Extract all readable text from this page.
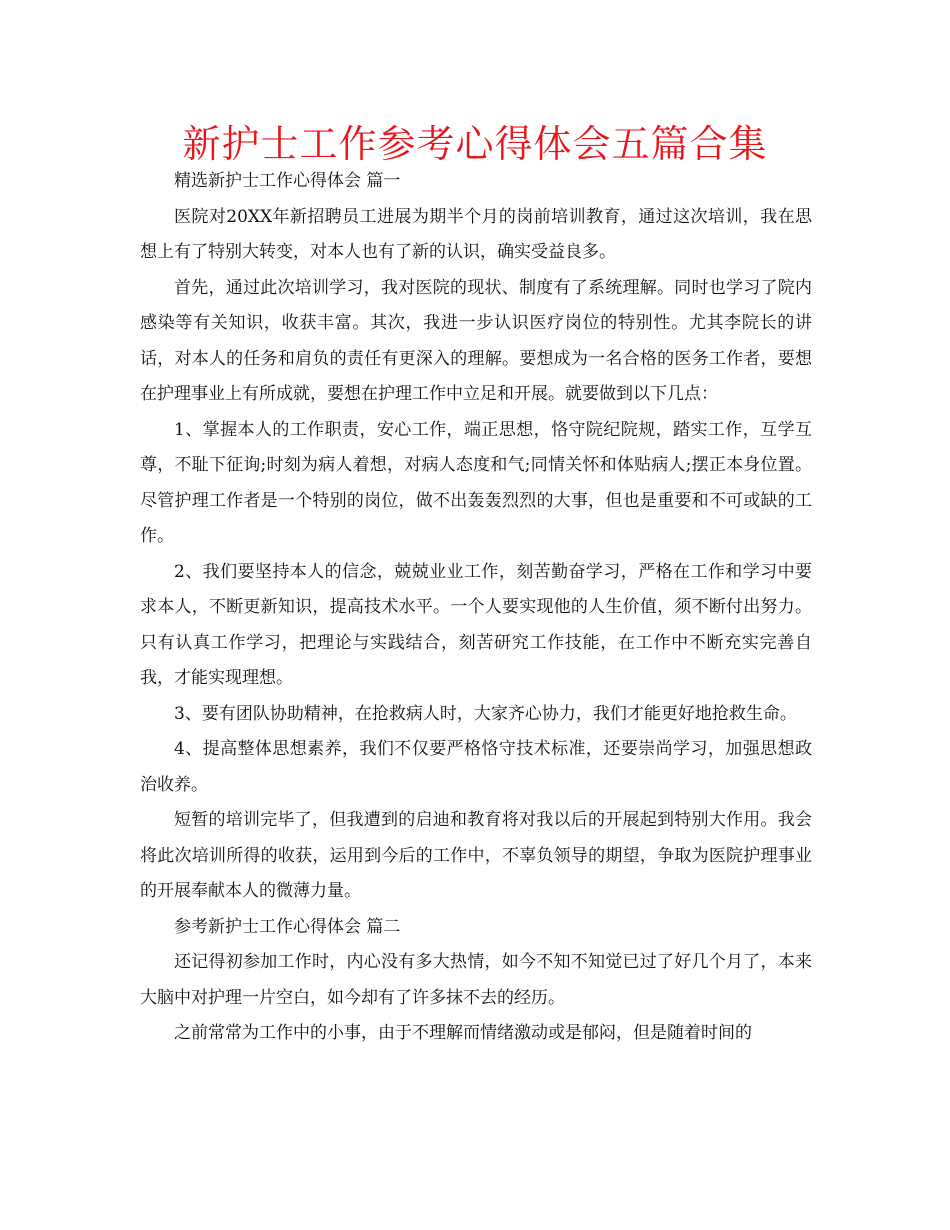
新护士工作参考心得体会五篇合集

精选新护士工作心得体会 篇一

医院对20XX年新招聘员工进展为期半个月的岗前培训教育，通过这次培训，我在思想上有了特别大转变，对本人也有了新的认识，确实受益良多。

首先，通过此次培训学习，我对医院的现状、制度有了系统理解。同时也学习了院内感染等有关知识，收获丰富。其次，我进一步认识医疗岗位的特别性。尤其李院长的讲话，对本人的任务和肩负的责任有更深入的理解。要想成为一名合格的医务工作者，要想在护理事业上有所成就，要想在护理工作中立足和开展。就要做到以下几点：

1、掌握本人的工作职责，安心工作，端正思想，恪守院纪院规，踏实工作，互学互尊，不耻下征询;时刻为病人着想，对病人态度和气;同情关怀和体贴病人;摆正本身位置。尽管护理工作者是一个特别的岗位，做不出轰轰烈烈的大事，但也是重要和不可或缺的工作。

2、我们要坚持本人的信念，兢兢业业工作，刻苦勤奋学习，严格在工作和学习中要求本人，不断更新知识，提高技术水平。一个人要实现他的人生价值，须不断付出努力。只有认真工作学习，把理论与实践结合，刻苦研究工作技能，在工作中不断充实完善自我，才能实现理想。

3、要有团队协助精神，在抢救病人时，大家齐心协力，我们才能更好地抢救生命。

4、提高整体思想素养，我们不仅要严格恪守技术标准，还要崇尚学习，加强思想政治收养。

短暂的培训完毕了，但我遭到的启迪和教育将对我以后的开展起到特别大作用。我会将此次培训所得的收获，运用到今后的工作中，不辜负领导的期望，争取为医院护理事业的开展奉献本人的微薄力量。

参考新护士工作心得体会 篇二

还记得初参加工作时，内心没有多大热情，如今不知不知觉已过了好几个月了，本来大脑中对护理一片空白，如今却有了许多抹不去的经历。

之前常常为工作中的小事，由于不理解而情绪激动或是郁闷，但是随着时间的
